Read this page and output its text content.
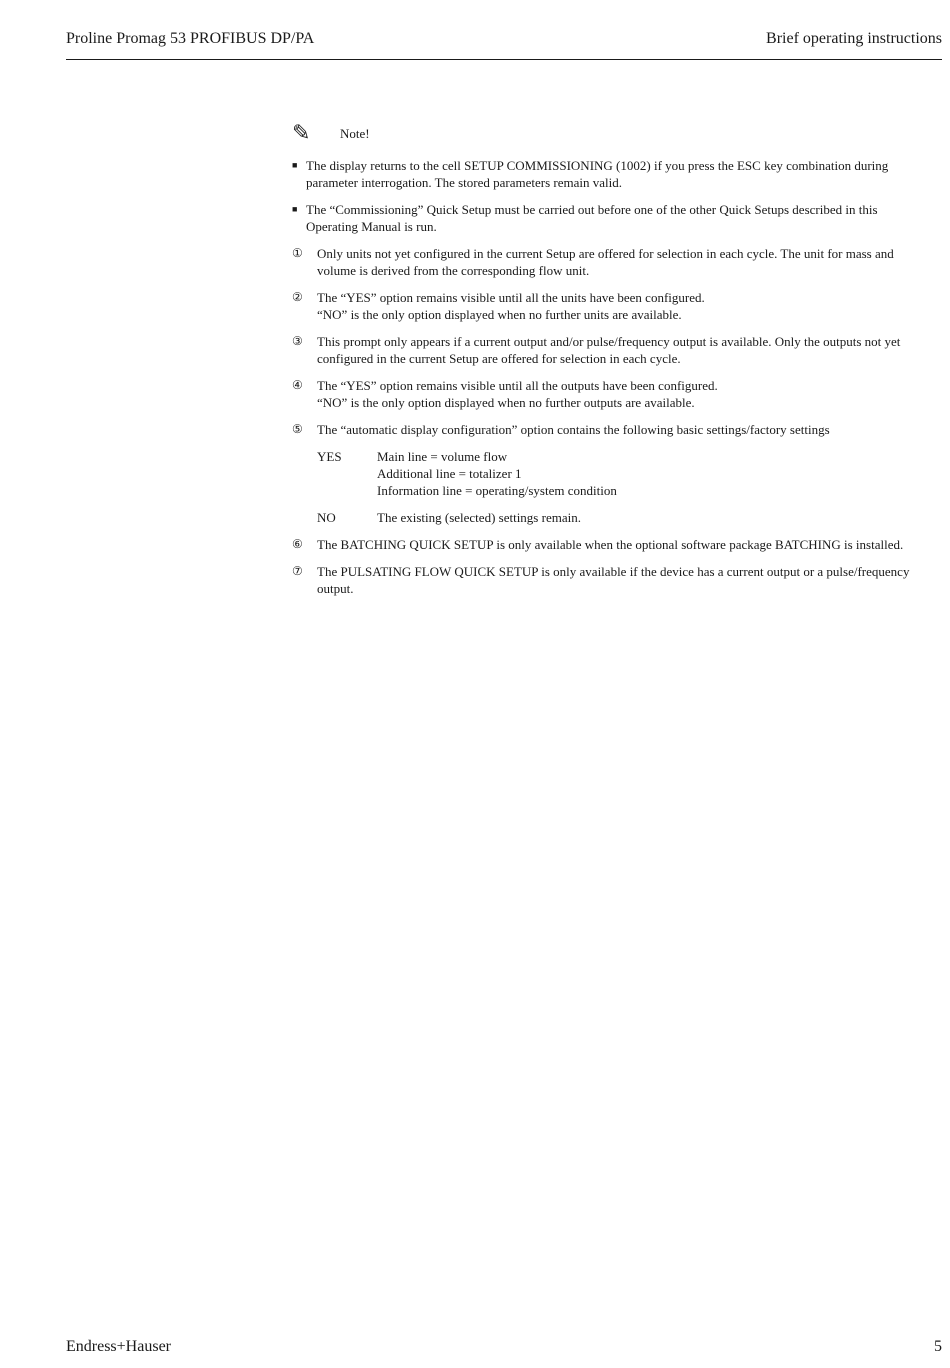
Proline Promag 53 PROFIBUS DP/PA	Brief operating instructions
✎	Note!
■ The display returns to the cell SETUP COMMISSIONING (1002) if you press the ESC key combination during parameter interrogation. The stored parameters remain valid.
■ The “Commissioning” Quick Setup must be carried out before one of the other Quick Setups described in this Operating Manual is run.
①	Only units not yet configured in the current Setup are offered for selection in each cycle. The unit for mass and volume is derived from the corresponding flow unit.
②	The “YES” option remains visible until all the units have been configured.
“NO” is the only option displayed when no further units are available.
③	This prompt only appears if a current output and/or pulse/frequency output is available. Only the outputs not yet configured in the current Setup are offered for selection in each cycle.
④	The “YES” option remains visible until all the outputs have been configured.
“NO” is the only option displayed when no further outputs are available.
⑤	The “automatic display configuration” option contains the following basic settings/factory settings
YES	Main line = volume flow
Additional line = totalizer 1
Information line = operating/system condition
NO	The existing (selected) settings remain.
⑥	The BATCHING QUICK SETUP is only available when the optional software package BATCHING is installed.
⑦	The PULSATING FLOW QUICK SETUP is only available if the device has a current output or a pulse/frequency output.
Endress+Hauser	5
